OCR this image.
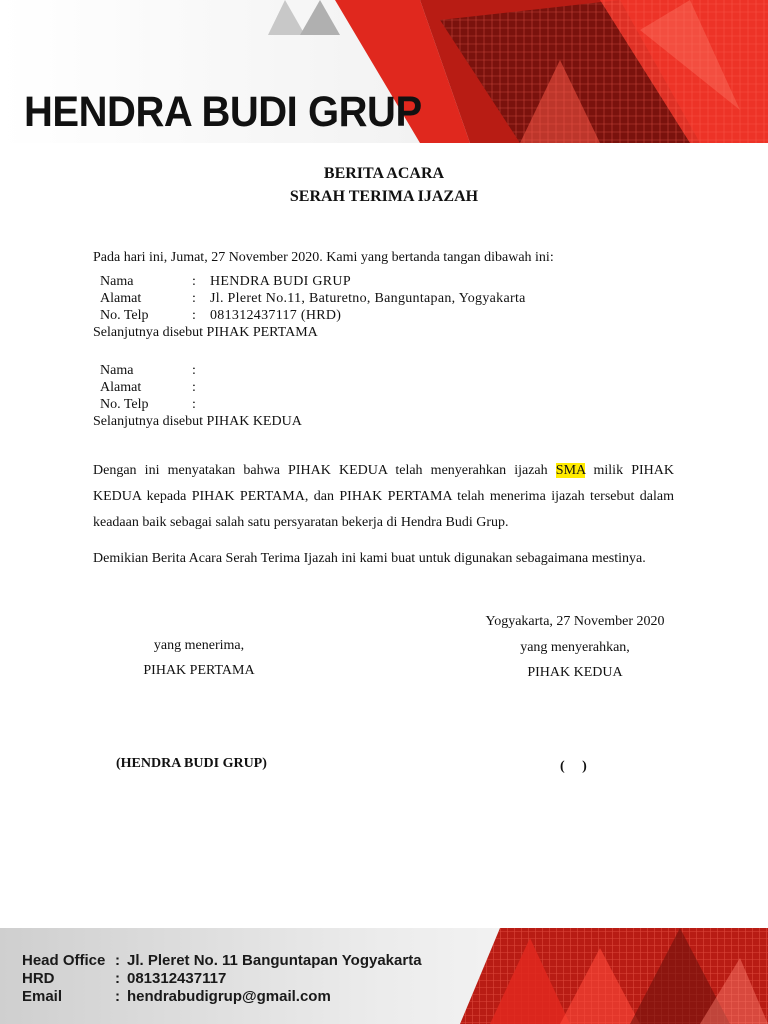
HENDRA BUDI GRUP
BERITA ACARA
SERAH TERIMA IJAZAH
Pada hari ini, Jumat, 27 November 2020. Kami yang bertanda tangan dibawah ini:
Nama	: HENDRA BUDI GRUP
Alamat	: Jl. Pleret No.11, Baturetno, Banguntapan, Yogyakarta
No. Telp	: 081312437117 (HRD)
Selanjutnya disebut PIHAK PERTAMA
Nama	:
Alamat	:
No. Telp	:
Selanjutnya disebut PIHAK KEDUA
Dengan ini menyatakan bahwa PIHAK KEDUA telah menyerahkan ijazah SMA milik PIHAK KEDUA kepada PIHAK PERTAMA, dan PIHAK PERTAMA telah menerima ijazah tersebut dalam keadaan baik sebagai salah satu persyaratan bekerja di Hendra Budi Grup.
Demikian Berita Acara Serah Terima Ijazah ini kami buat untuk digunakan sebagaimana mestinya.
Yogyakarta, 27 November 2020
yang menerima,
PIHAK PERTAMA
yang menyerahkan,
PIHAK KEDUA
(HENDRA BUDI GRUP)	(     )
Head Office : Jl. Pleret No. 11 Banguntapan Yogyakarta
HRD	: 081312437117
Email	: hendrabudigrup@gmail.com
